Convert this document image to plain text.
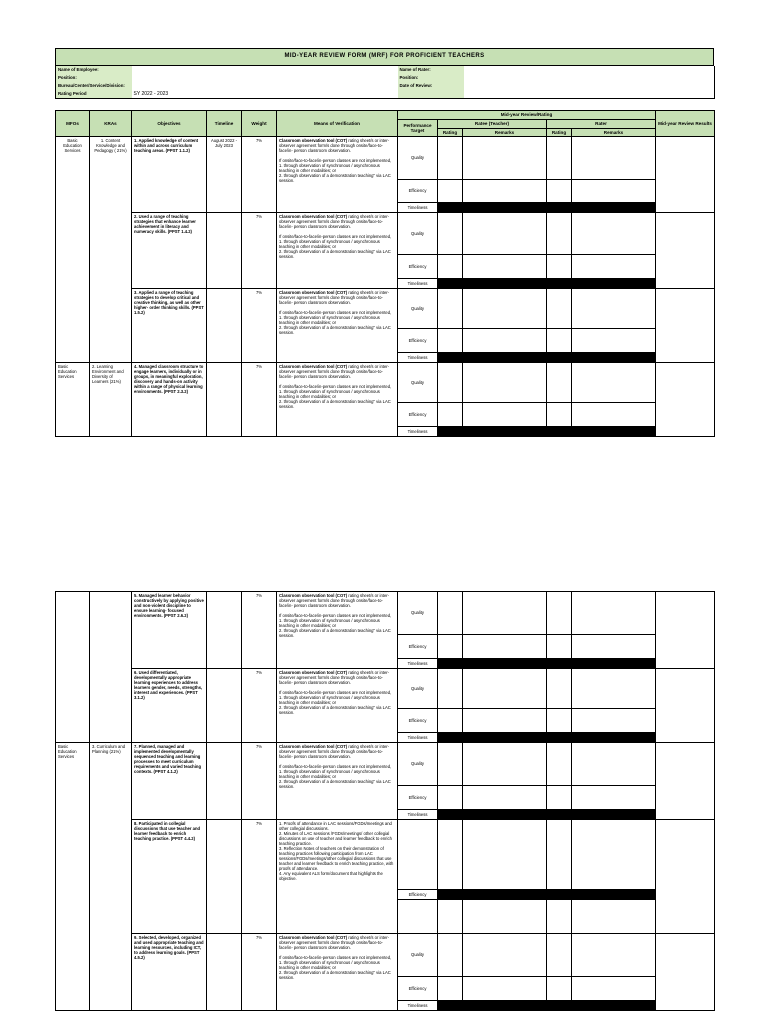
MID-YEAR REVIEW FORM (MRF) FOR PROFICIENT TEACHERS
Name of Employee:		Name of Rater:	
Position:		Position:	
Bureau/Center/Service/Division:		Date of Review:	
Rating Period	SY 2022 - 2023		
MFOs	KRAs	Objectives	Timeline	Weight	Means of Verification	Mid-year Review/Rating					Mid-year Review Results
						Performance Target	Ratee (Teacher)		Rater		
							Rating	Remarks	Rating	Remarks	
Basic Education Services	1. Content Knowledge and Pedagogy ( 21%)	1. Applied knowledge of content within and across curriculum teaching areas. (PPST 1.1.2)	August 2022 - July 2023	7%	Classroom observation tool (COT) rating sheet/s or inter-observer agreement form/s done through onsite/face-to-face/in- person classroom observation.

If onsite/face-to-face/in-person classes are not implemented,
1. through observation of synchronous / asynchronous teaching in other modalities; or
2. through observation of a demonstration teaching" via LAC session.	Quality					
						Efficiency					
						Timeliness					
		2. Used a range of teaching strategies that enhance learner achievement in literacy and numeracy skills. (PPST 1.4.2)		7%	Classroom observation tool (COT) rating sheet/s or inter-observer agreement form/s done through onsite/face-to-face/in- person classroom observation.

If onsite/face-to-face/in-person classes are not implemented,
1. through observation of synchronous / asynchronous teaching in other modalities; or
2. through observation of a demonstration teaching" via LAC session.	Quality					
						Efficiency					
						Timeliness					
		3. Applied a range of teaching strategies to develop critical and creative thinking, as well as other higher- order thinking skills. (PPST 1.5.2)		7%	Classroom observation tool (COT) rating sheet/s or inter-observer agreement form/s done through onsite/face-to-face/in- person classroom observation.

If onsite/face-to-face/in-person classes are not implemented,
1. through observation of synchronous / asynchronous teaching in other modalities; or
2. through observation of a demonstration teaching" via LAC session.	Quality					
						Efficiency					
						Timeliness					
Basic Education Services	2. Learning Environment and Diversity of Learners (21%)	4. Managed classroom structure to engage learners, individually or in groups, in meaningful exploration, discovery and hands-on activity within a range of physical learning environments. (PPST 2.3.2)		7%	Classroom observation tool (COT) rating sheet/s or inter-observer agreement form/s done through onsite/face-to-face/in- person classroom observation.

If onsite/face-to-face/in-person classes are not implemented,
1. through observation of synchronous / asynchronous teaching in other modalities; or
2. through observation of a demonstration teaching" via LAC session.	Quality					
						Efficiency					
						Timeliness					
		5. Managed learner behavior constructively by applying positive and non-violent discipline to ensure learning- focused environments. (PPST 2.6.2)		7%	Classroom observation tool (COT) rating sheet/s or inter-observer agreement form/s done through onsite/face-to-face/in- person classroom observation.

If onsite/face-to-face/in-person classes are not implemented,
1. through observation of synchronous / asynchronous teaching in other modalities; or
2. through observation of a demonstration teaching" via LAC session.	Quality					
						Efficiency					
						Timeliness					
		6. Used differentiated, developmentally appropriate learning experiences to address learners gender, needs, strengths, interest and experiences. (PPST 3.1.2)		7%	Classroom observation tool (COT) rating sheet/s or inter-observer agreement form/s done through onsite/face-to-face/in- person classroom observation.

If onsite/face-to-face/in-person classes are not implemented,
1. through observation of synchronous / asynchronous teaching in other modalities; or
2. through observation of a demonstration teaching" via LAC session.	Quality					
						Efficiency					
						Timeliness					
Basic Education Services	3. Curriculum and Planning (21%)	7. Planned, managed and implemented developmentally sequenced teaching and learning processes to meet curriculum requirements and varied teaching contexts. (PPST 4.1.2)		7%	Classroom observation tool (COT) rating sheet/s or inter-observer agreement form/s done through onsite/face-to-face/in- person classroom observation.

If onsite/face-to-face/in-person classes are not implemented,
1. through observation of synchronous / asynchronous teaching in other modalities; or
2. through observation of a demonstration teaching" via LAC session.	Quality					
						Efficiency					
						Timeliness					
		8. Participated in collegial discussions that use teacher and learner feedback to enrich teaching practice. (PPST 4.4.2)		7%	1. Proofs of attendance in LAC sessions/FGDs/meetings and other collegial discussions.
2. Minutes of LAC sessions /FGDs/meetings/ other collegial discussions on use of teacher and learner feedback to enrich teaching practice.
3. Reflection Notes of teachers on their demonstration of teaching practices following participation from LAC sessions/FGDs/meetings/other collegial discussions that use teacher and learner feedback to enrich teaching practice, with proofs of attendance.
4. Any equivalent ALS form/document that highlights the objective.						
						Efficiency					

		9. Selected, developed, organized and used appropriate teaching and learning resources, including ICT, to address learning goals. (PPST 4.5.2)		7%	Classroom observation tool (COT) rating sheet/s or inter-observer agreement form/s done through onsite/face-to-face/in- person classroom observation.

If onsite/face-to-face/in-person classes are not implemented,
1. through observation of synchronous / asynchronous teaching in other modalities; or
2. through observation of a demonstration teaching" via LAC session.	Quality					
						Efficiency					
						Timeliness					
